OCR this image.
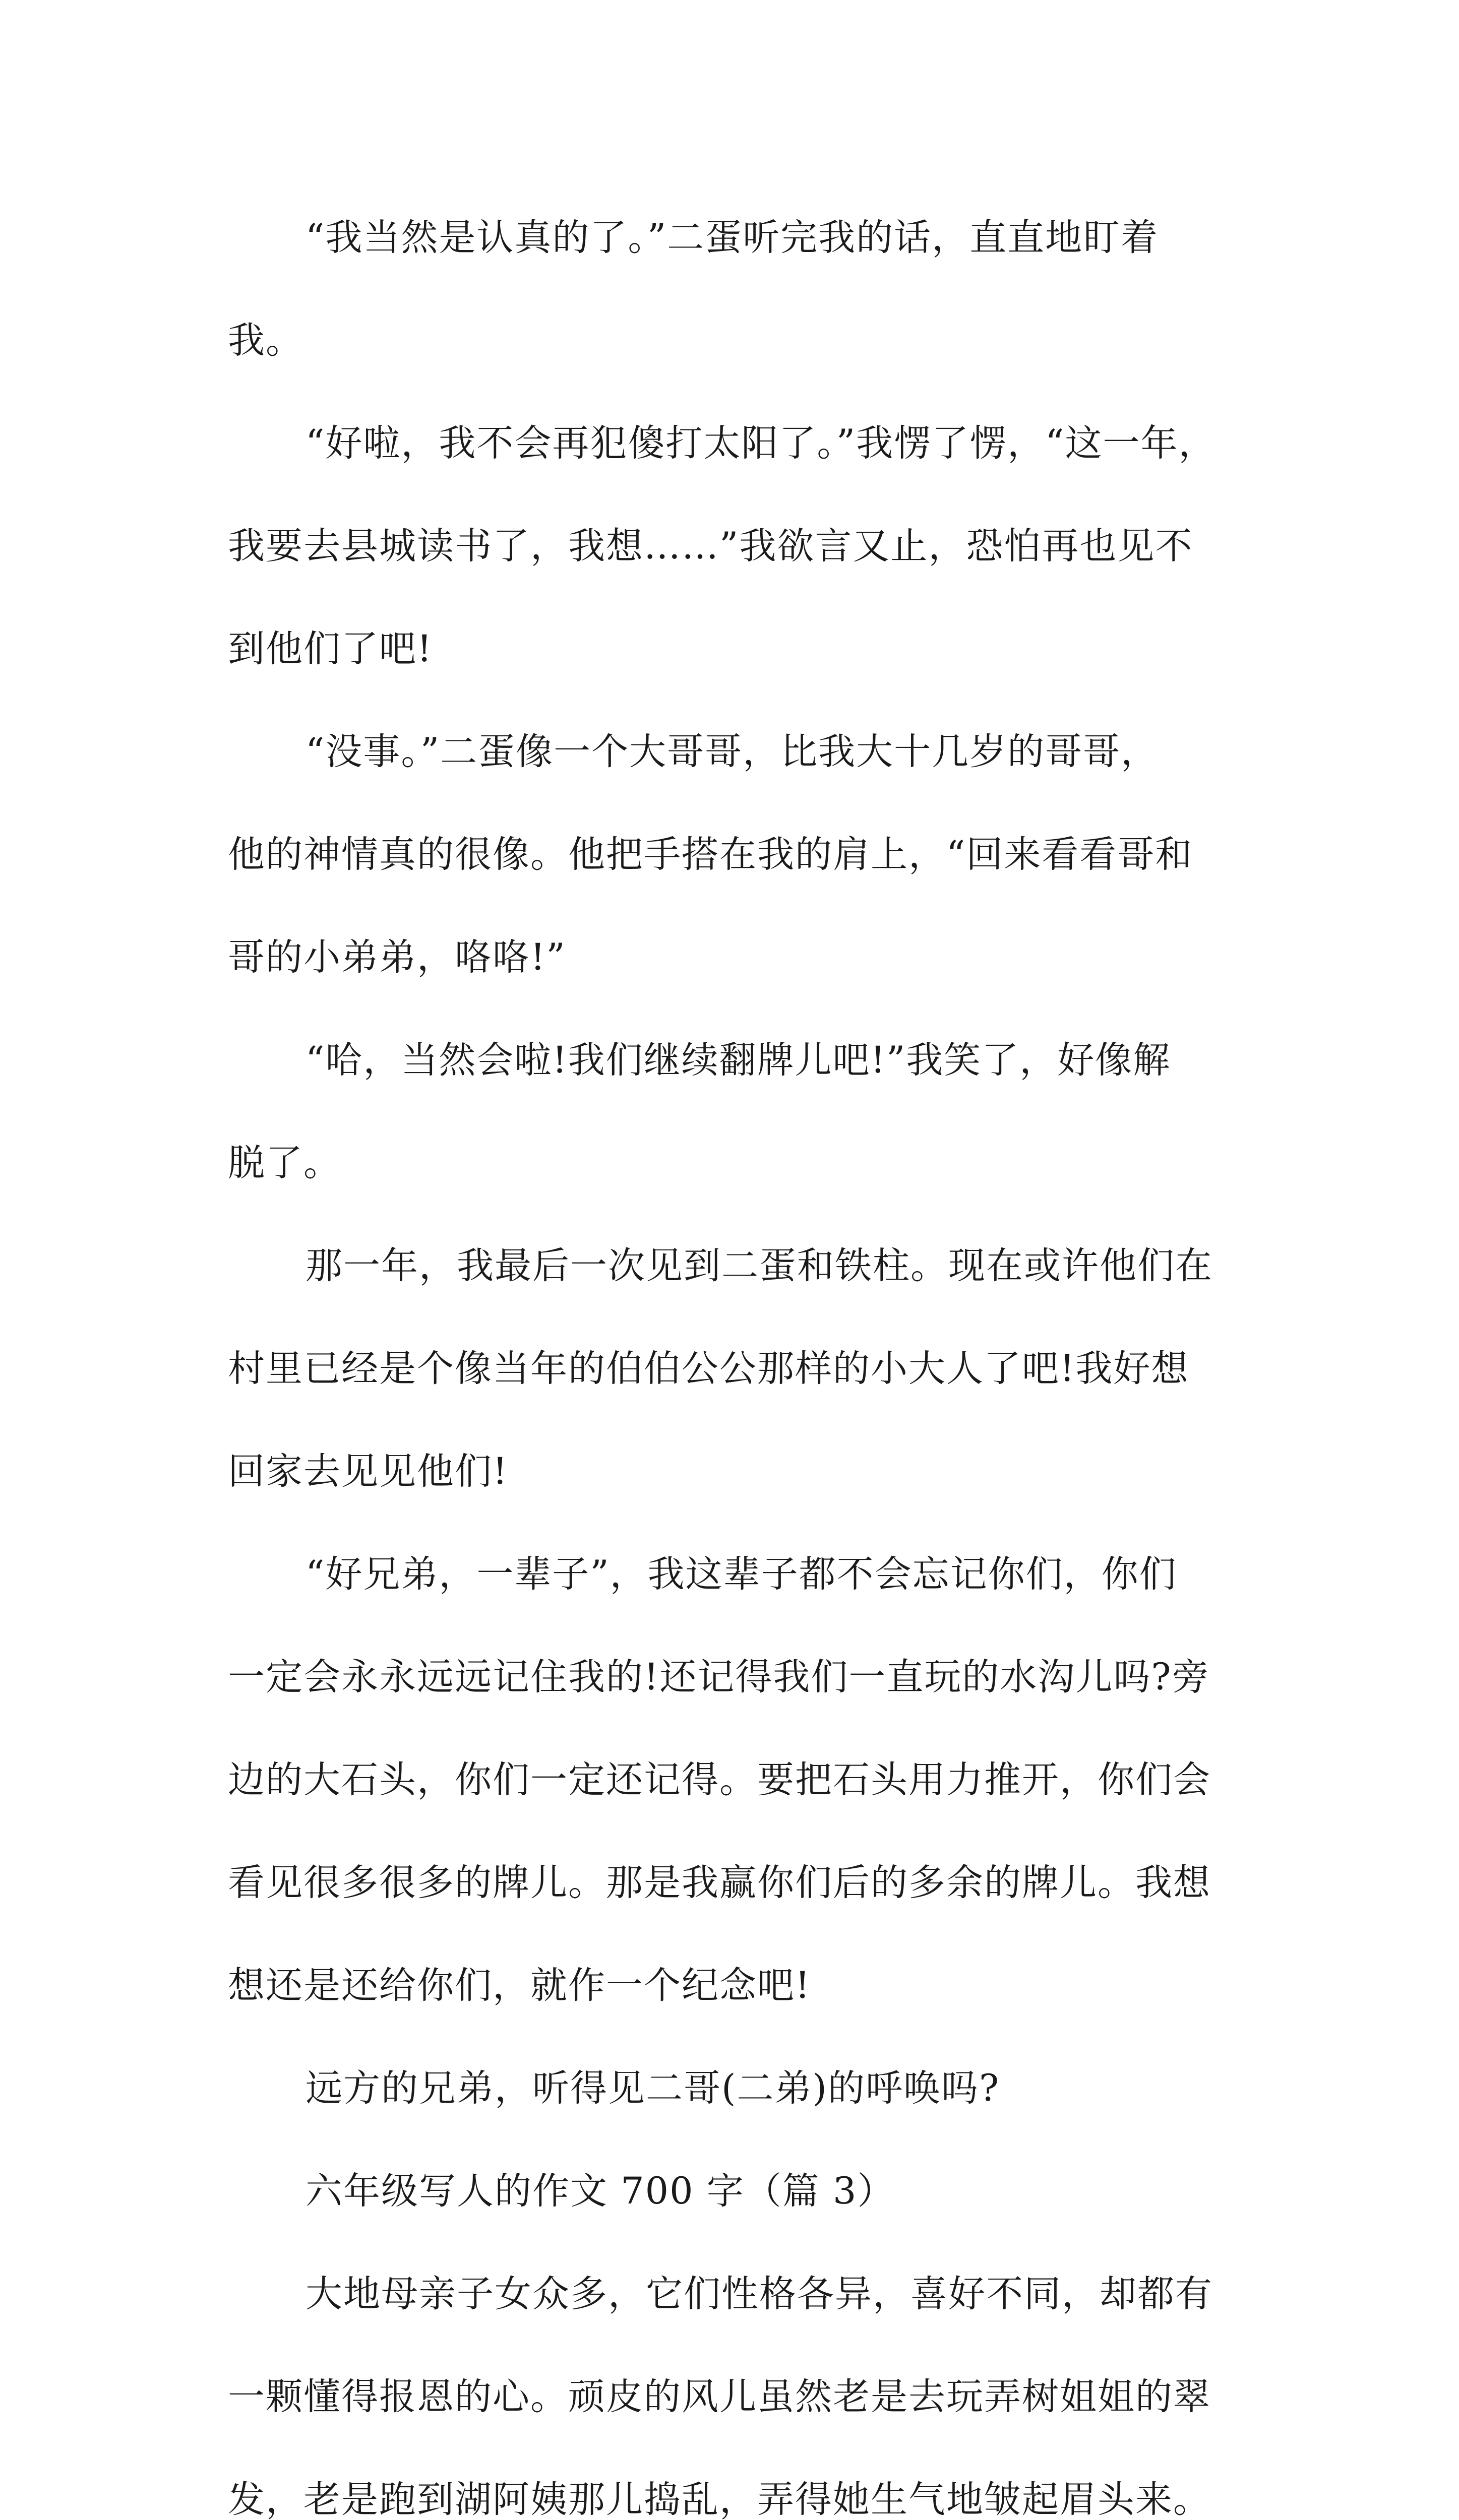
“我当然是认真的了。”二蛋听完我的话，直直地盯着
我。
“好啦，我不会再犯傻打太阳了。”我愣了愣，“这一年，
我要去县城读书了，我想……”我欲言又止，恐怕再也见不
到他们了吧!
“没事。”二蛋像一个大哥哥，比我大十几岁的哥哥，
他的神情真的很像。他把手搭在我的肩上，“回来看看哥和
哥的小弟弟，咯咯!”
“哈，当然会啦!我们继续翻牌儿吧!”我笑了，好像解
脱了。
那一年，我最后一次见到二蛋和铁柱。现在或许他们在
村里已经是个像当年的伯伯公公那样的小大人了吧!我好想
回家去见见他们!
“好兄弟，一辈子”，我这辈子都不会忘记你们，你们
一定会永永远远记住我的!还记得我们一直玩的水沟儿吗?旁
边的大石头，你们一定还记得。要把石头用力推开，你们会
看见很多很多的牌儿。那是我赢你们后的多余的牌儿。我想
想还是还给你们，就作一个纪念吧!
远方的兄弟，听得见二哥(二弟)的呼唤吗?
六年级写人的作文 700 字（篇 3）
大地母亲子女众多，它们性格各异，喜好不同，却都有
一颗懂得报恩的心。顽皮的风儿虽然老是去玩弄树姐姐的翠
发，老是跑到湖阿姨那儿捣乱，弄得她生气地皱起眉头来。
